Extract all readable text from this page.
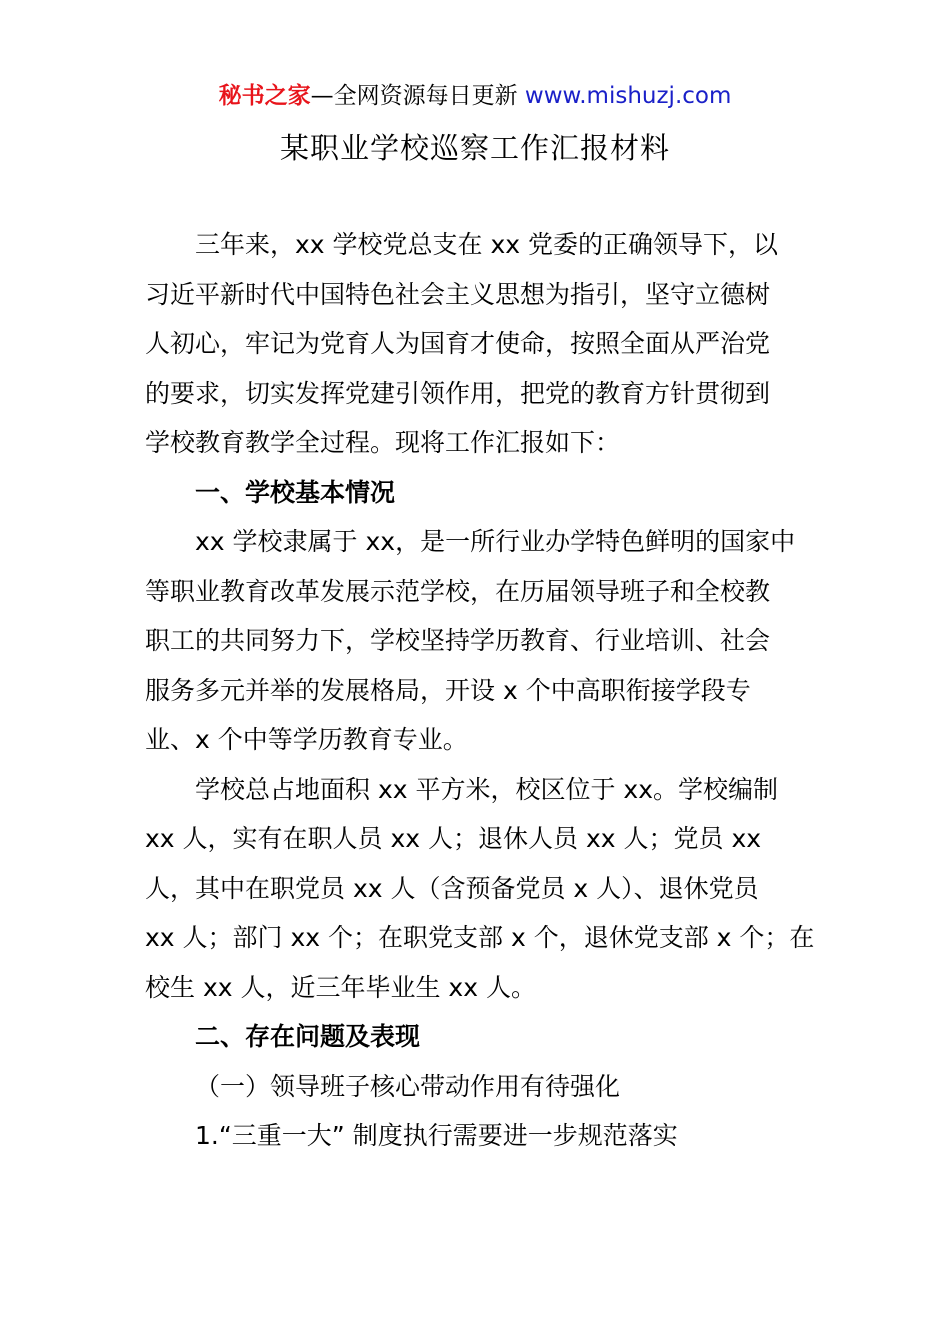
秘书之家—全网资源每日更新 www.mishuzj.com
某职业学校巡察工作汇报材料
三年来，xx 学校党总支在 xx 党委的正确领导下，以
习近平新时代中国特色社会主义思想为指引，坚守立德树
人初心，牢记为党育人为国育才使命，按照全面从严治党
的要求，切实发挥党建引领作用，把党的教育方针贯彻到
学校教育教学全过程。现将工作汇报如下：
一、学校基本情况
xx 学校隶属于 xx，是一所行业办学特色鲜明的国家中
等职业教育改革发展示范学校，在历届领导班子和全校教
职工的共同努力下，学校坚持学历教育、行业培训、社会
服务多元并举的发展格局，开设 x 个中高职衔接学段专
业、x 个中等学历教育专业。
学校总占地面积 xx 平方米，校区位于 xx。学校编制
xx 人，实有在职人员 xx 人；退休人员 xx 人；党员 xx
人，其中在职党员 xx 人（含预备党员 x 人）、退休党员
xx 人；部门 xx 个；在职党支部 x 个，退休党支部 x 个；在
校生 xx 人，近三年毕业生 xx 人。
二、存在问题及表现
（一）领导班子核心带动作用有待强化
1.“三重一大” 制度执行需要进一步规范落实
